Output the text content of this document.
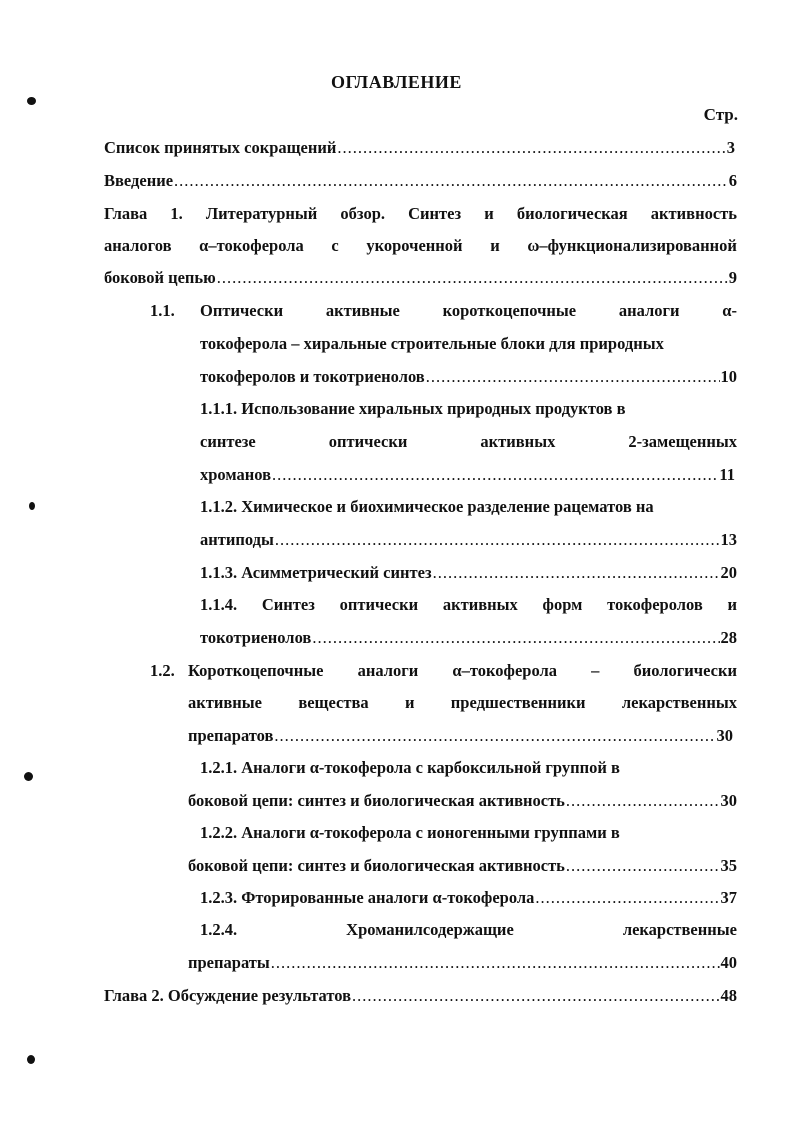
ОГЛАВЛЕНИЕ
Стр.
Список принятых сокращений .....	3
Введение .....	6
Глава 1. Литературный обзор. Синтез и биологическая активность
аналогов α–токоферола с укороченной и ω–функционализированной
боковой цепью .....	9
1.1. Оптически	активные	короткоцепочные	аналоги	α-
токоферола – хиральные строительные блоки для природных
токоферолов и токотриенолов .....	10
1.1.1. Использование хиральных природных продуктов в
синтезе	оптически	активных	2-замещенных
хроманов .....	11
1.1.2. Химическое и биохимическое разделение рацематов на
антиподы .....	13
1.1.3. Асимметрический синтез .....	20
1.1.4. Синтез оптически активных форм токоферолов и
токотриенолов .....	28
1.2. Короткоцепочные аналоги α–токоферола – биологически
активные вещества и предшественники лекарственных
препаратов .....	30
1.2.1. Аналоги α-токоферола с карбоксильной группой в
боковой цепи: синтез и биологическая активность .....	30
1.2.2. Аналоги α-токоферола с ионогенными группами в
боковой цепи: синтез и биологическая активность .....	35
1.2.3. Фторированные аналоги α-токоферола .....	37
1.2.4.	Хроманилсодержащие	лекарственные
препараты .....	40
Глава 2. Обсуждение результатов .....	48
